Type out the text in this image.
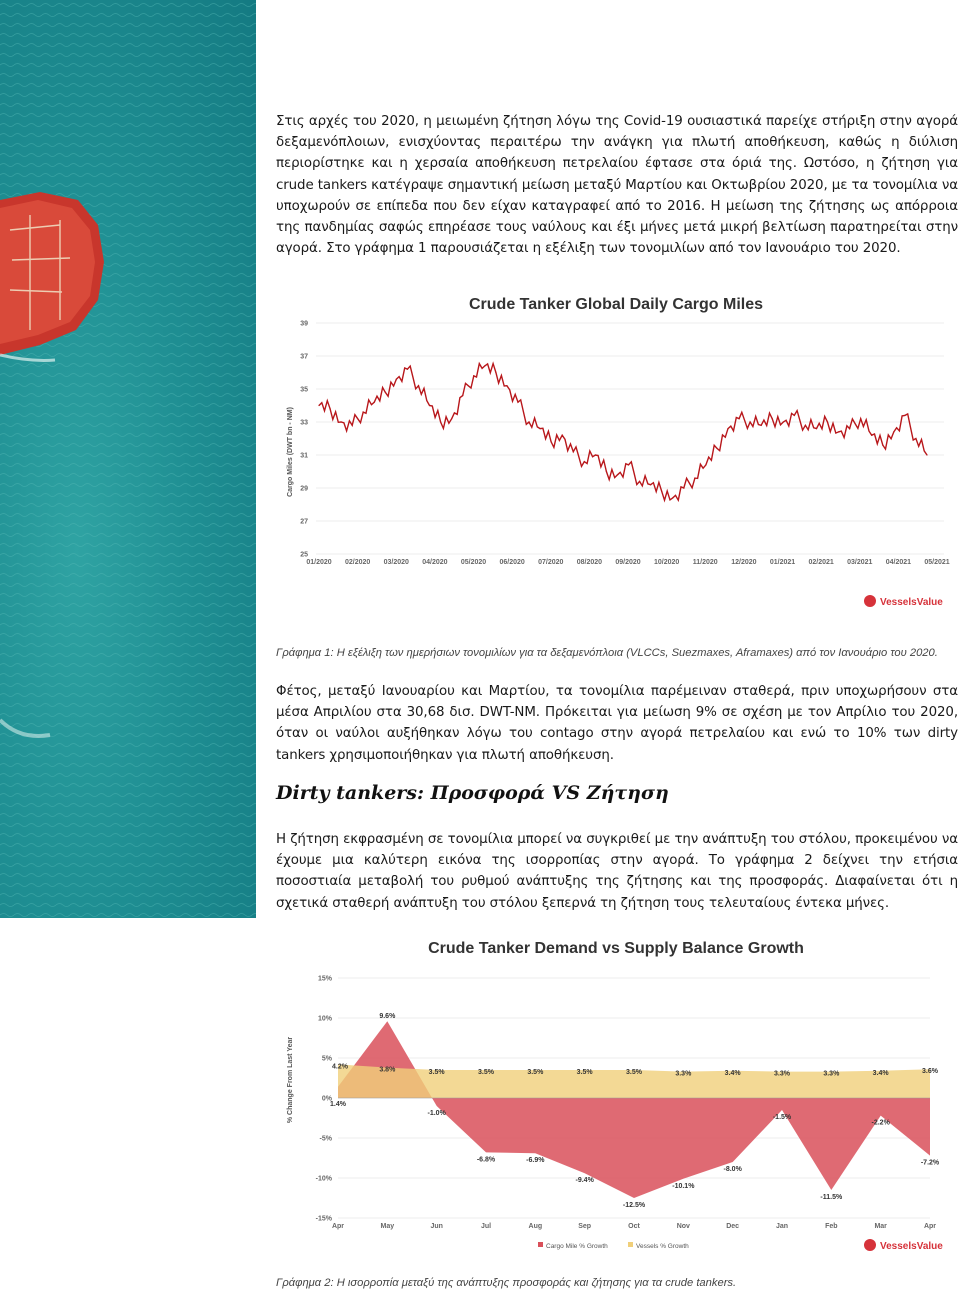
Στις αρχές του 2020, η μειωμένη ζήτηση λόγω της Covid-19 ουσιαστικά παρείχε στήριξη στην αγορά δεξαμενόπλοιων, ενισχύοντας περαιτέρω την ανάγκη για πλωτή αποθήκευση, καθώς η διύλιση περιορίστηκε και η χερσαία αποθήκευση πετρελαίου έφτασε στα όριά της. Ωστόσο, η ζήτηση για crude tankers κατέγραψε σημαντική μείωση μεταξύ Μαρτίου και Οκτωβρίου 2020, με τα τονομίλια να υποχωρούν σε επίπεδα που δεν είχαν καταγραφεί από το 2016. Η μείωση της ζήτησης ως απόρροια της πανδημίας σαφώς επηρέασε τους ναύλους και έξι μήνες μετά μικρή βελτίωση παρατηρείται στην αγορά. Στο γράφημα 1 παρουσιάζεται η εξέλιξη των τονομιλίων από τον Ιανουάριο του 2020.

Crude Tanker Global Daily Cargo Miles
Cargo Miles (DWT bn - NM)
39
37
35
33
31
29
27
25
01/2020 02/2020 03/2020 04/2020 05/2020 06/2020 07/2020 08/2020 09/2020 10/2020 11/2020 12/2020 01/2021 02/2021 03/2021 04/2021 05/2021
VesselsValue

Γράφημα 1: Η εξέλιξη των ημερήσιων τονομιλίων για τα δεξαμενόπλοια (VLCCs, Suezmaxes, Aframaxes) από τον Ιανουάριο του 2020.

Φέτος, μεταξύ Ιανουαρίου και Μαρτίου, τα τονομίλια παρέμειναν σταθερά, πριν υποχωρήσουν στα μέσα Απριλίου στα 30,68 δισ. DWT-NM. Πρόκειται για μείωση 9% σε σχέση με τον Απρίλιο του 2020, όταν οι ναύλοι αυξήθηκαν λόγω του contago στην αγορά πετρελαίου και ενώ το 10% των dirty tankers χρησιμοποιήθηκαν για πλωτή αποθήκευση.

Dirty tankers: Προσφορά VS Ζήτηση

Η ζήτηση εκφρασμένη σε τονομίλια μπορεί να συγκριθεί με την ανάπτυξη του στόλου, προκειμένου να έχουμε μια καλύτερη εικόνα της ισορροπίας στην αγορά. Το γράφημα 2 δείχνει την ετήσια ποσοστιαία μεταβολή του ρυθμού ανάπτυξης της ζήτησης και της προσφοράς. Διαφαίνεται ότι η σχετικά σταθερή ανάπτυξη του στόλου ξεπερνά τη ζήτηση τους τελευταίους έντεκα μήνες.

Crude Tanker Demand vs Supply Balance Growth
% Change From Last Year
15%
10%
5%
0%
-5%
-10%
-15%
1.4%
9.6%
-1.0%
-6.8%	-6.9%
-9.4%
-12.5%
-10.1%
-8.0%
-1.5%
-11.5%
-2.2%
-7.2%
4.2%	3.8%	3.5%	3.5%	3.5%	3.5%	3.5%	3.3%	3.4%	3.3%	3.3%	3.4%	3.6%
Apr	May	Jun	Jul	Aug	Sep	Oct	Nov	Dec	Jan	Feb	Mar	Apr
Cargo Mile % Growth	Vessels % Growth	VesselsValue

Γράφημα 2: Η ισορροπία μεταξύ της ανάπτυξης προσφοράς και ζήτησης για τα crude tankers.
